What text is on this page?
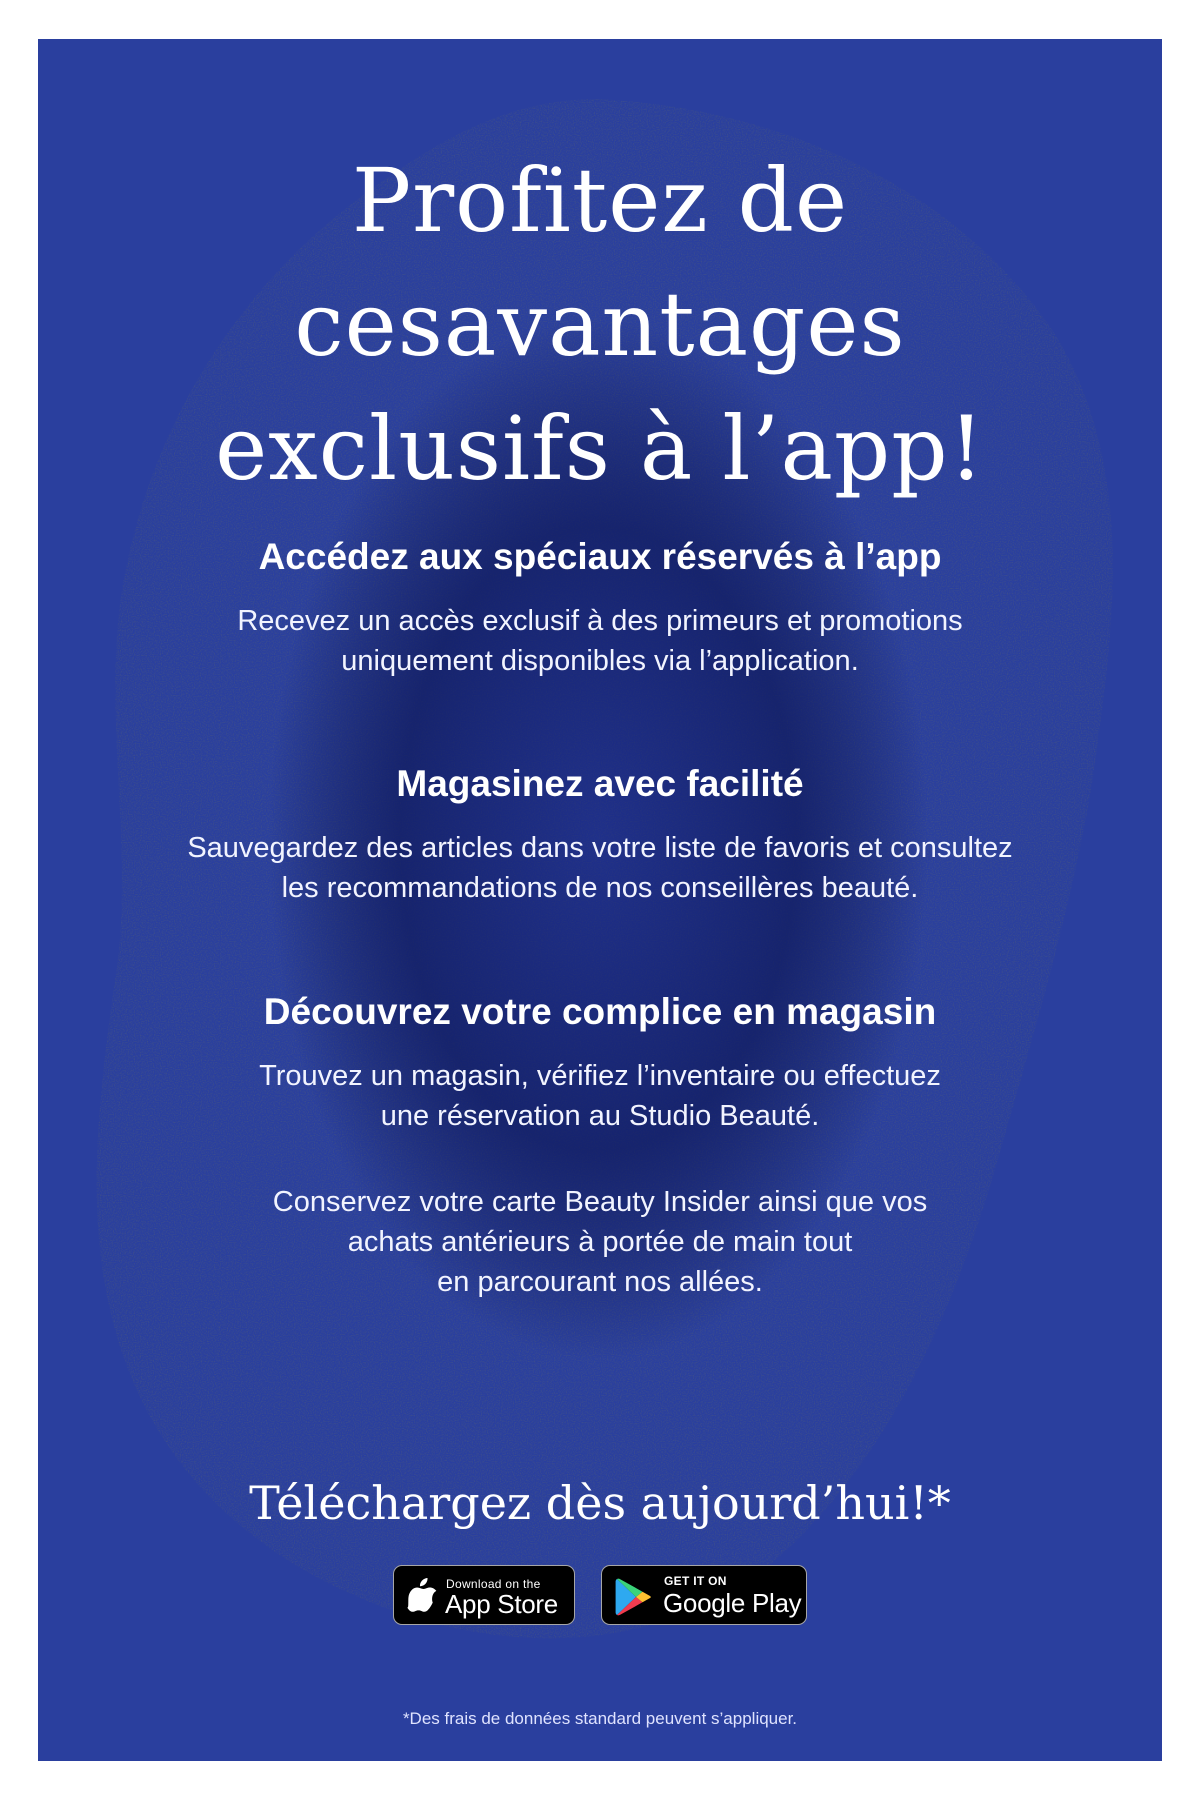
Profitez de cesavantages
exclusifs à l’app!
Accédez aux spéciaux réservés à l’app

Recevez un accès exclusif à des primeurs et promotions
uniquement disponibles via l’application.

Magasinez avec facilité

Sauvegardez des articles dans votre liste de favoris et consultez
les recommandations de nos conseillères beauté.

Découvrez votre complice en magasin

Trouvez un magasin, vérifiez l’inventaire ou effectuez
une réservation au Studio Beauté.

Conservez votre carte Beauty Insider ainsi que vos
achats antérieurs à portée de main tout
en parcourant nos allées.

Téléchargez dès aujourd’hui!*

Download on the
App Store
GET IT ON
Google Play

*Des frais de données standard peuvent s’appliquer.
